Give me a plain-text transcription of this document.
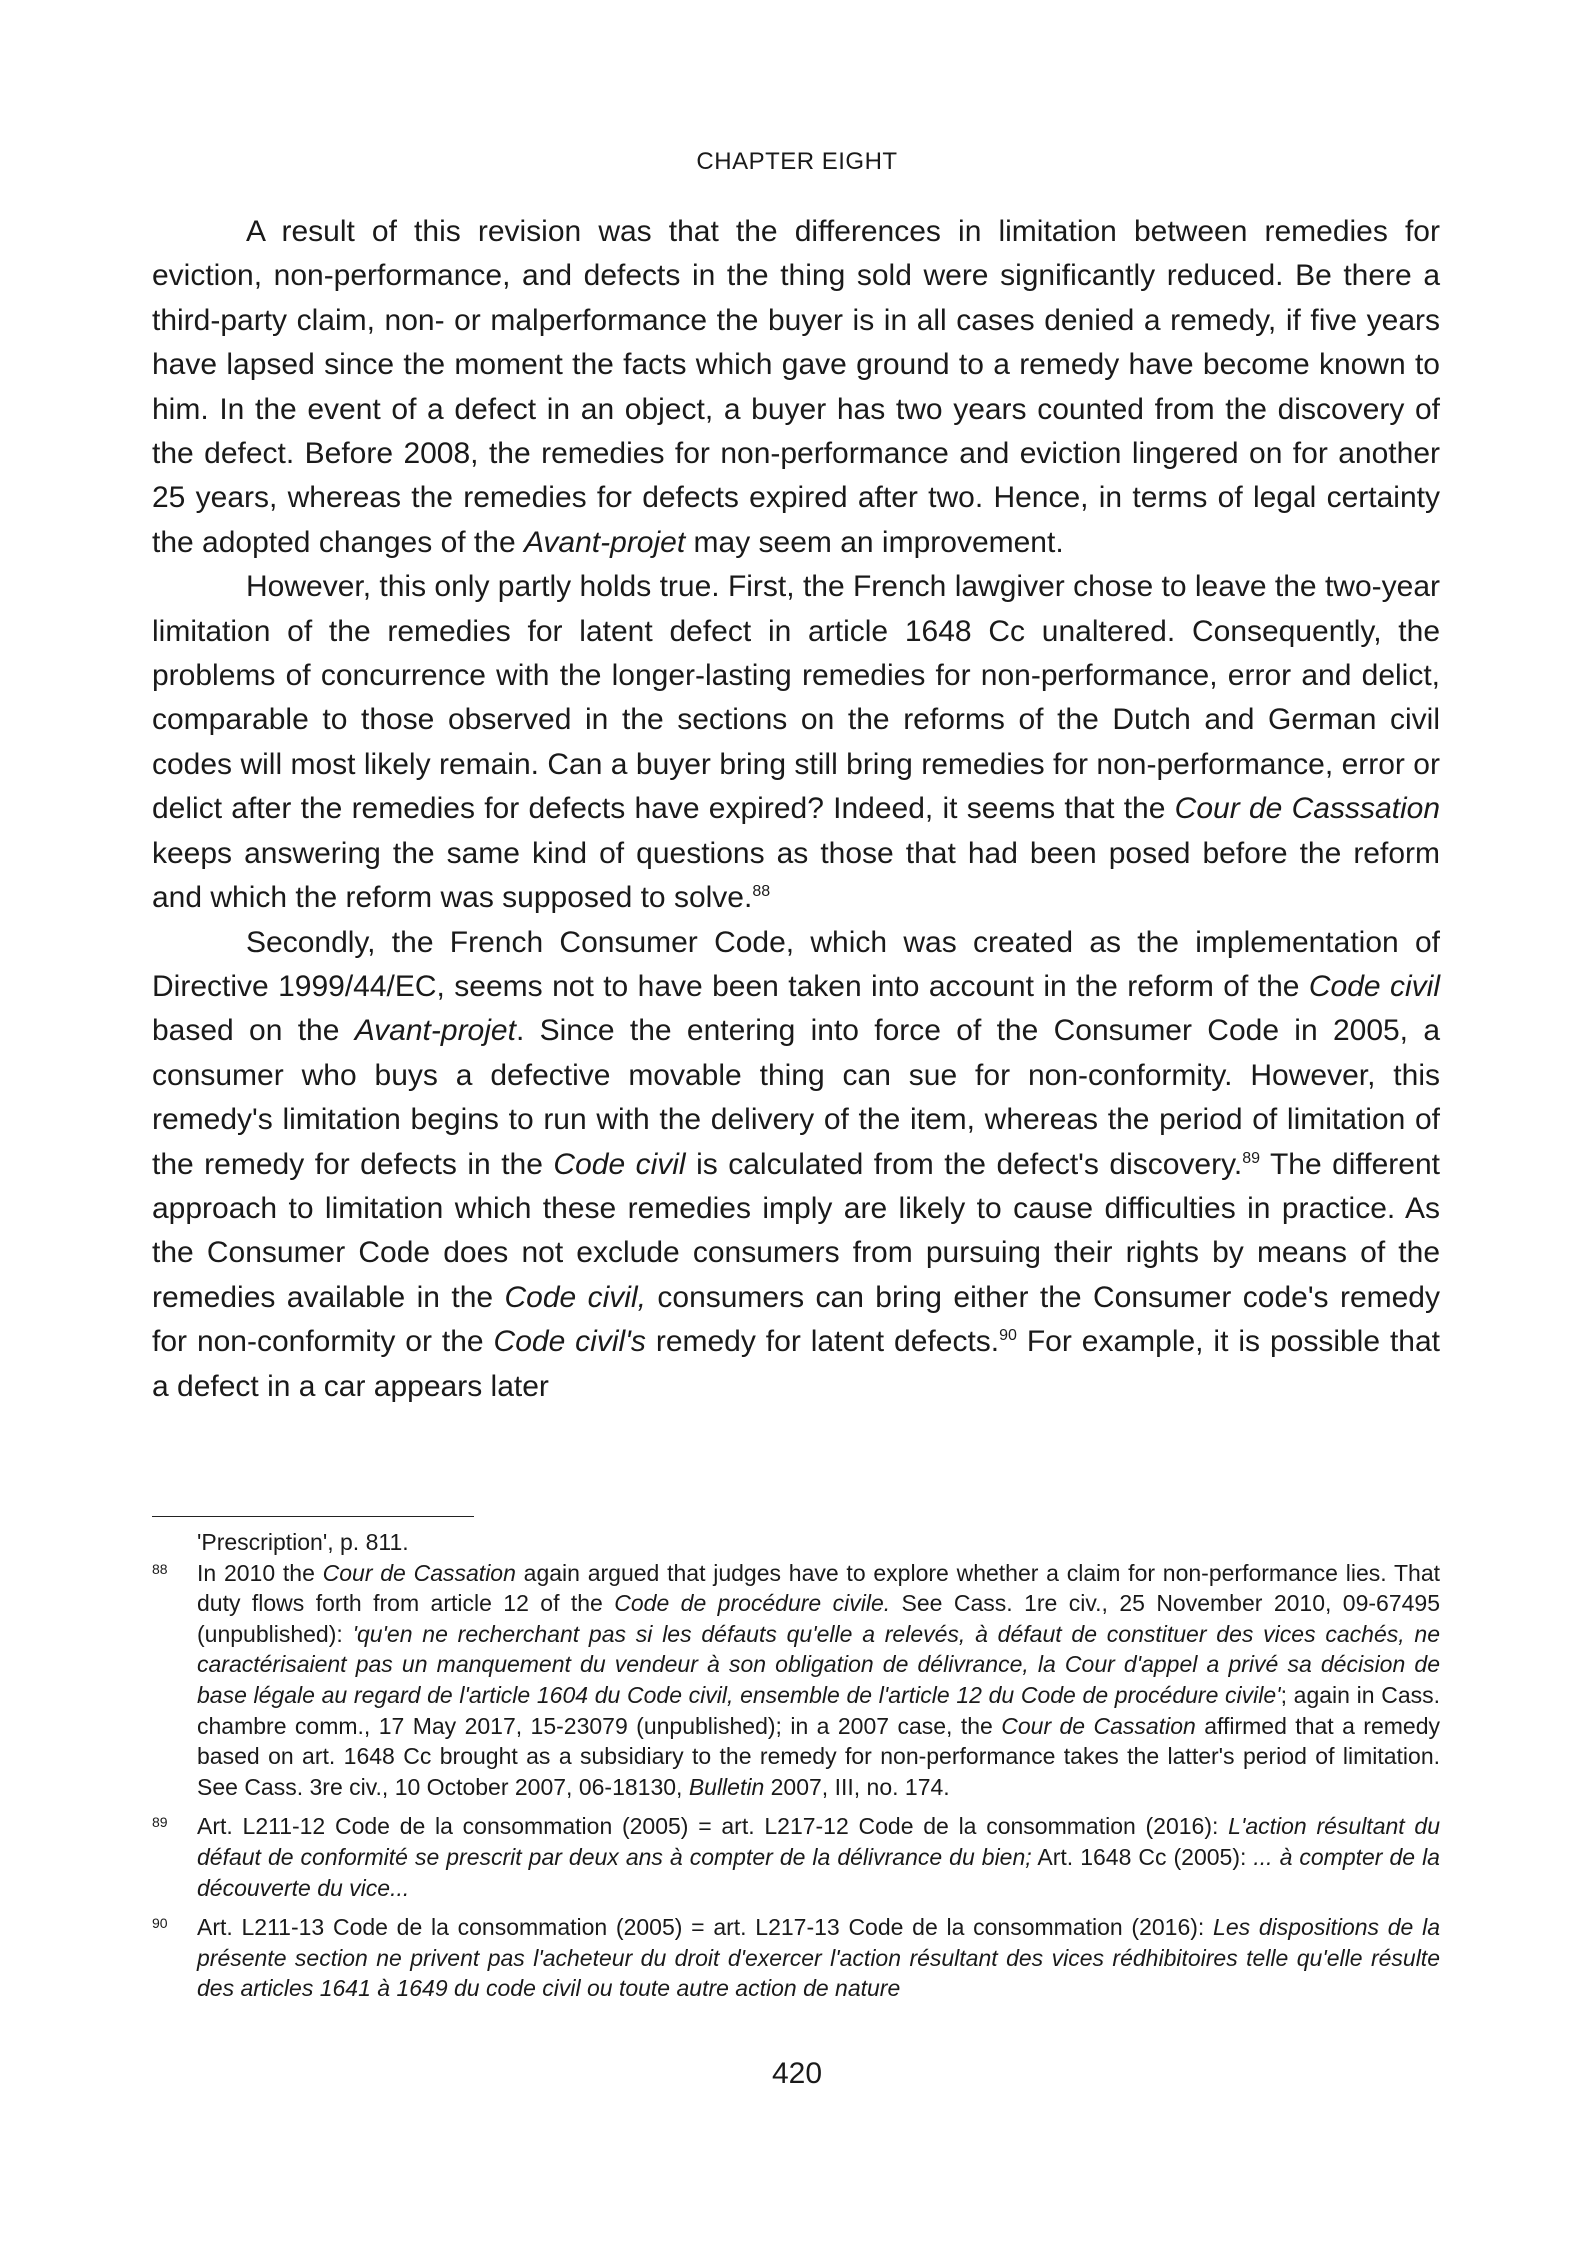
CHAPTER EIGHT

A result of this revision was that the differences in limitation between remedies for eviction, non-performance, and defects in the thing sold were significantly reduced. Be there a third-party claim, non- or malperformance the buyer is in all cases denied a remedy, if five years have lapsed since the moment the facts which gave ground to a remedy have become known to him. In the event of a defect in an object, a buyer has two years counted from the discovery of the defect. Before 2008, the remedies for non-performance and eviction lingered on for another 25 years, whereas the remedies for defects expired after two. Hence, in terms of legal certainty the adopted changes of the Avant-projet may seem an improvement.

However, this only partly holds true. First, the French lawgiver chose to leave the two-year limitation of the remedies for latent defect in article 1648 Cc unaltered. Consequently, the problems of concurrence with the longer-lasting remedies for non-performance, error and delict, comparable to those observed in the sections on the reforms of the Dutch and German civil codes will most likely remain. Can a buyer bring still bring remedies for non-performance, error or delict after the remedies for defects have expired? Indeed, it seems that the Cour de Casssation keeps answering the same kind of questions as those that had been posed before the reform and which the reform was supposed to solve.$^{88}$

Secondly, the French Consumer Code, which was created as the implementation of Directive 1999/44/EC, seems not to have been taken into account in the reform of the Code civil based on the Avant-projet. Since the entering into force of the Consumer Code in 2005, a consumer who buys a defective movable thing can sue for non-conformity. However, this remedy's limitation begins to run with the delivery of the item, whereas the period of limitation of the remedy for defects in the Code civil is calculated from the defect's discovery.$^{89}$ The different approach to limitation which these remedies imply are likely to cause difficulties in practice. As the Consumer Code does not exclude consumers from pursuing their rights by means of the remedies available in the Code civil, consumers can bring either the Consumer code's remedy for non-conformity or the Code civil's remedy for latent defects.$^{90}$ For example, it is possible that a defect in a car appears later

'Prescription', p. 811.
88 In 2010 the Cour de Cassation again argued that judges have to explore whether a claim for non-performance lies. That duty flows forth from article 12 of the Code de procédure civile. See Cass. 1re civ., 25 November 2010, 09-67495 (unpublished): 'qu'en ne recherchant pas si les défauts qu'elle a relevés, à défaut de constituer des vices cachés, ne caractérisaient pas un manquement du vendeur à son obligation de délivrance, la Cour d'appel a privé sa décision de base légale au regard de l'article 1604 du Code civil, ensemble de l'article 12 du Code de procédure civile'; again in Cass. chambre comm., 17 May 2017, 15-23079 (unpublished); in a 2007 case, the Cour de Cassation affirmed that a remedy based on art. 1648 Cc brought as a subsidiary to the remedy for non-performance takes the latter's period of limitation. See Cass. 3re civ., 10 October 2007, 06-18130, Bulletin 2007, III, no. 174.
89 Art. L211-12 Code de la consommation (2005) = art. L217-12 Code de la consommation (2016): L'action résultant du défaut de conformité se prescrit par deux ans à compter de la délivrance du bien; Art. 1648 Cc (2005): ... à compter de la découverte du vice...
90 Art. L211-13 Code de la consommation (2005) = art. L217-13 Code de la consommation (2016): Les dispositions de la présente section ne privent pas l'acheteur du droit d'exercer l'action résultant des vices rédhibitoires telle qu'elle résulte des articles 1641 à 1649 du code civil ou toute autre action de nature
420
